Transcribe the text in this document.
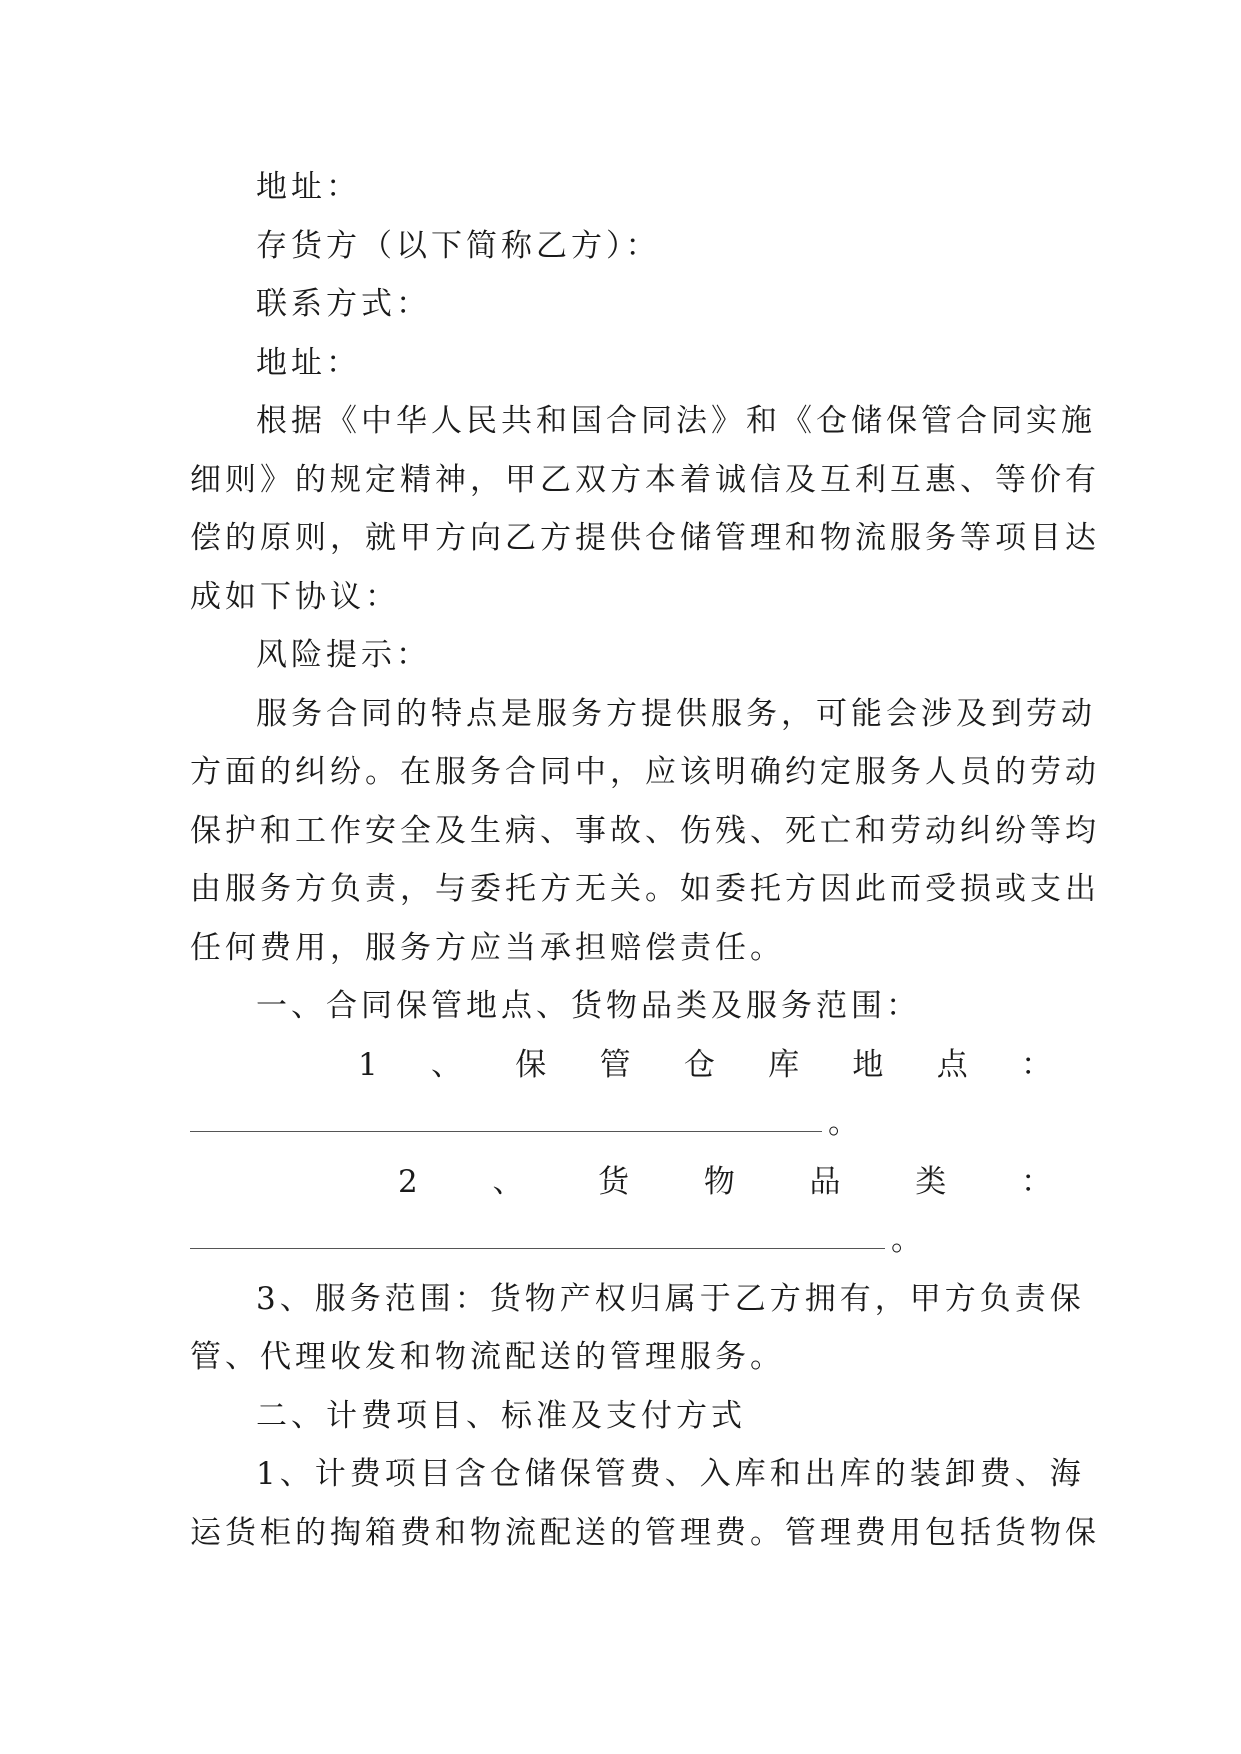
地址：
存货方（以下简称乙方）：
联系方式：
地址：
根据《中华人民共和国合同法》和《仓储保管合同实施
细则》的规定精神，甲乙双方本着诚信及互利互惠、等价有
偿的原则，就甲方向乙方提供仓储管理和物流服务等项目达
成如下协议：
风险提示：
服务合同的特点是服务方提供服务，可能会涉及到劳动
方面的纠纷。在服务合同中，应该明确约定服务人员的劳动
保护和工作安全及生病、事故、伤残、死亡和劳动纠纷等均
由服务方负责，与委托方无关。如委托方因此而受损或支出
任何费用，服务方应当承担赔偿责任。
一、合同保管地点、货物品类及服务范围：
1 、 保 管 仓 库 地 点 ：
。
2 、 货 物 品 类 ：
。
3、服务范围：货物产权归属于乙方拥有，甲方负责保
管、代理收发和物流配送的管理服务。
二、计费项目、标准及支付方式
1、计费项目含仓储保管费、入库和出库的装卸费、海
运货柜的掏箱费和物流配送的管理费。管理费用包括货物保
